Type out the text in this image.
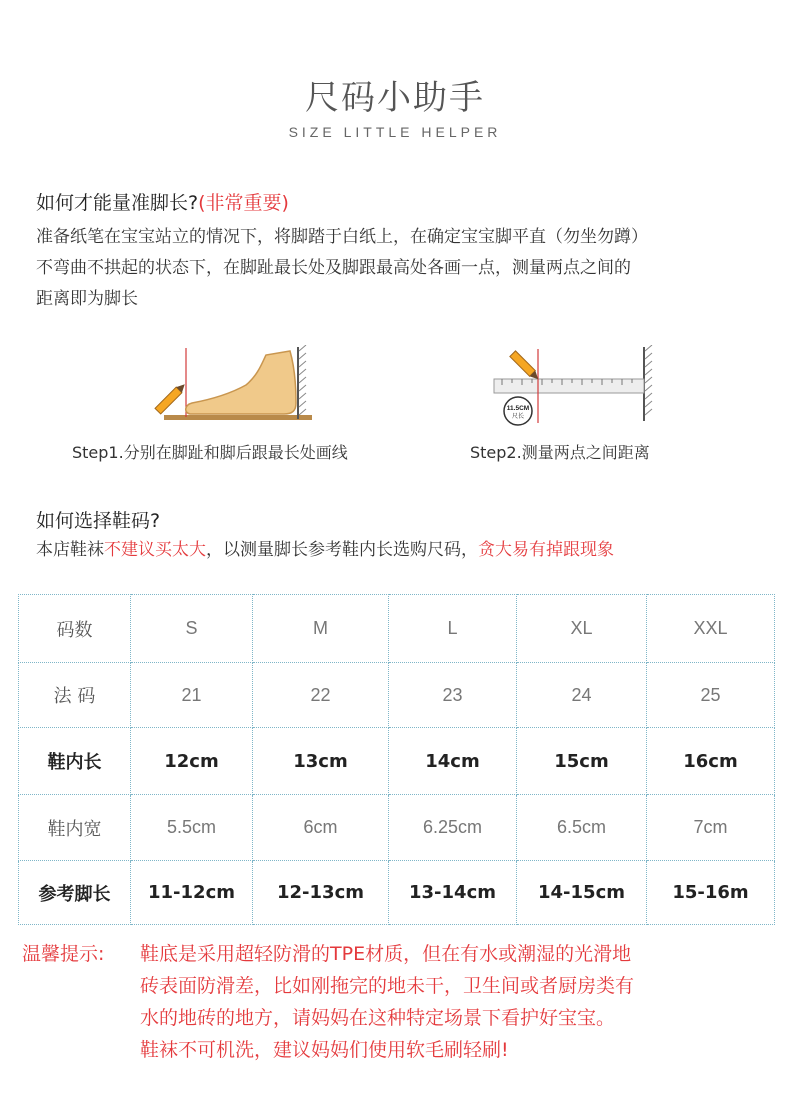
尺码小助手
SIZE LITTLE HELPER
如何才能量准脚长?(非常重要)
准备纸笔在宝宝站立的情况下，将脚踏于白纸上，在确定宝宝脚平直（勿坐勿蹲）
不弯曲不拱起的状态下，在脚趾最长处及脚跟最高处各画一点，测量两点之间的
距离即为脚长
Step1.分别在脚趾和脚后跟最长处画线
11.5CM
尺长
Step2.测量两点之间距离
如何选择鞋码?
本店鞋袜不建议买太大，以测量脚长参考鞋内长选购尺码，贪大易有掉跟现象
码数	S	M	L	XL	XXL
法 码	21	22	23	24	25
鞋内长	12cm	13cm	14cm	15cm	16cm
鞋内宽	5.5cm	6cm	6.25cm	6.5cm	7cm
参考脚长	11-12cm	12-13cm	13-14cm	14-15cm	15-16m
温馨提示: 鞋底是采用超轻防滑的TPE材质，但在有水或潮湿的光滑地
砖表面防滑差，比如刚拖完的地未干，卫生间或者厨房类有
水的地砖的地方，请妈妈在这种特定场景下看护好宝宝。
鞋袜不可机洗，建议妈妈们使用软毛刷轻刷!
